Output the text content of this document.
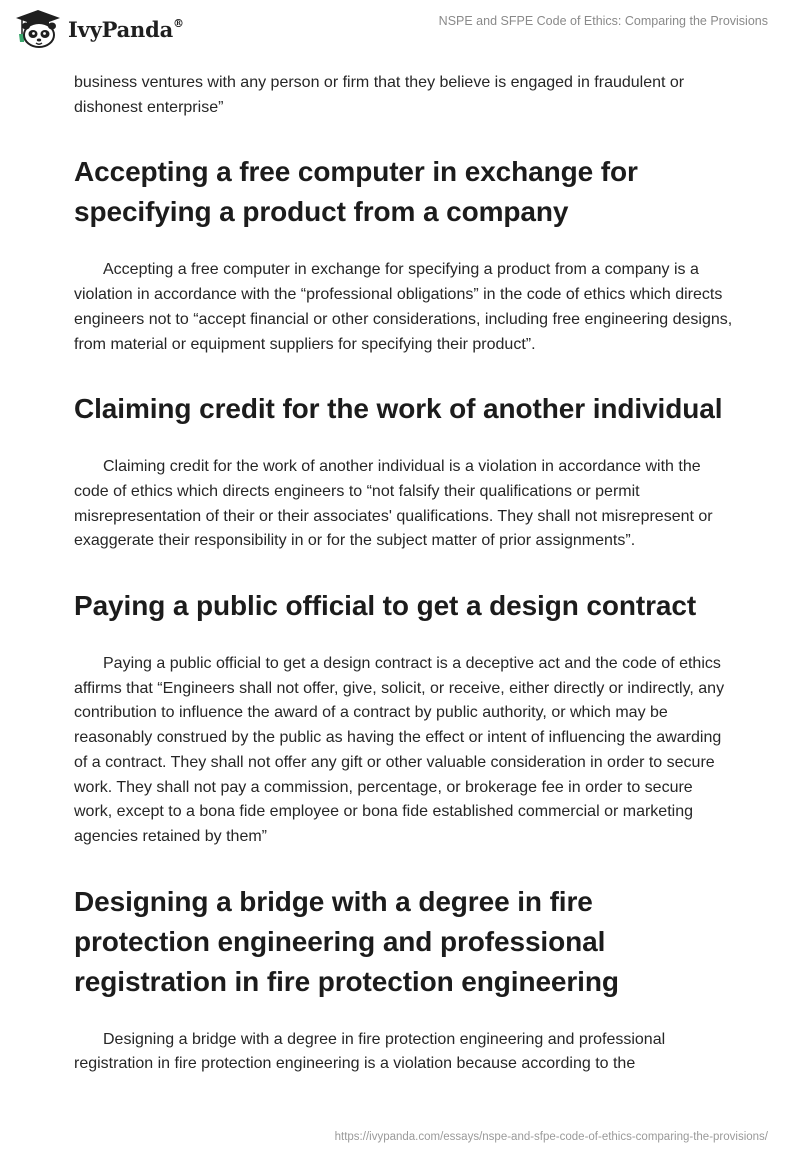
IvyPanda®	NSPE and SFPE Code of Ethics: Comparing the Provisions

business ventures with any person or firm that they believe is engaged in fraudulent or dishonest enterprise”

Accepting a free computer in exchange for specifying a product from a company

Accepting a free computer in exchange for specifying a product from a company is a violation in accordance with the “professional obligations” in the code of ethics which directs engineers not to “accept financial or other considerations, including free engineering designs, from material or equipment suppliers for specifying their product”.

Claiming credit for the work of another individual

Claiming credit for the work of another individual is a violation in accordance with the code of ethics which directs engineers to “not falsify their qualifications or permit misrepresentation of their or their associates' qualifications. They shall not misrepresent or exaggerate their responsibility in or for the subject matter of prior assignments”.

Paying a public official to get a design contract

Paying a public official to get a design contract is a deceptive act and the code of ethics affirms that “Engineers shall not offer, give, solicit, or receive, either directly or indirectly, any contribution to influence the award of a contract by public authority, or which may be reasonably construed by the public as having the effect or intent of influencing the awarding of a contract. They shall not offer any gift or other valuable consideration in order to secure work. They shall not pay a commission, percentage, or brokerage fee in order to secure work, except to a bona fide employee or bona fide established commercial or marketing agencies retained by them”

Designing a bridge with a degree in fire protection engineering and professional registration in fire protection engineering

Designing a bridge with a degree in fire protection engineering and professional registration in fire protection engineering is a violation because according to the

https://ivypanda.com/essays/nspe-and-sfpe-code-of-ethics-comparing-the-provisions/
